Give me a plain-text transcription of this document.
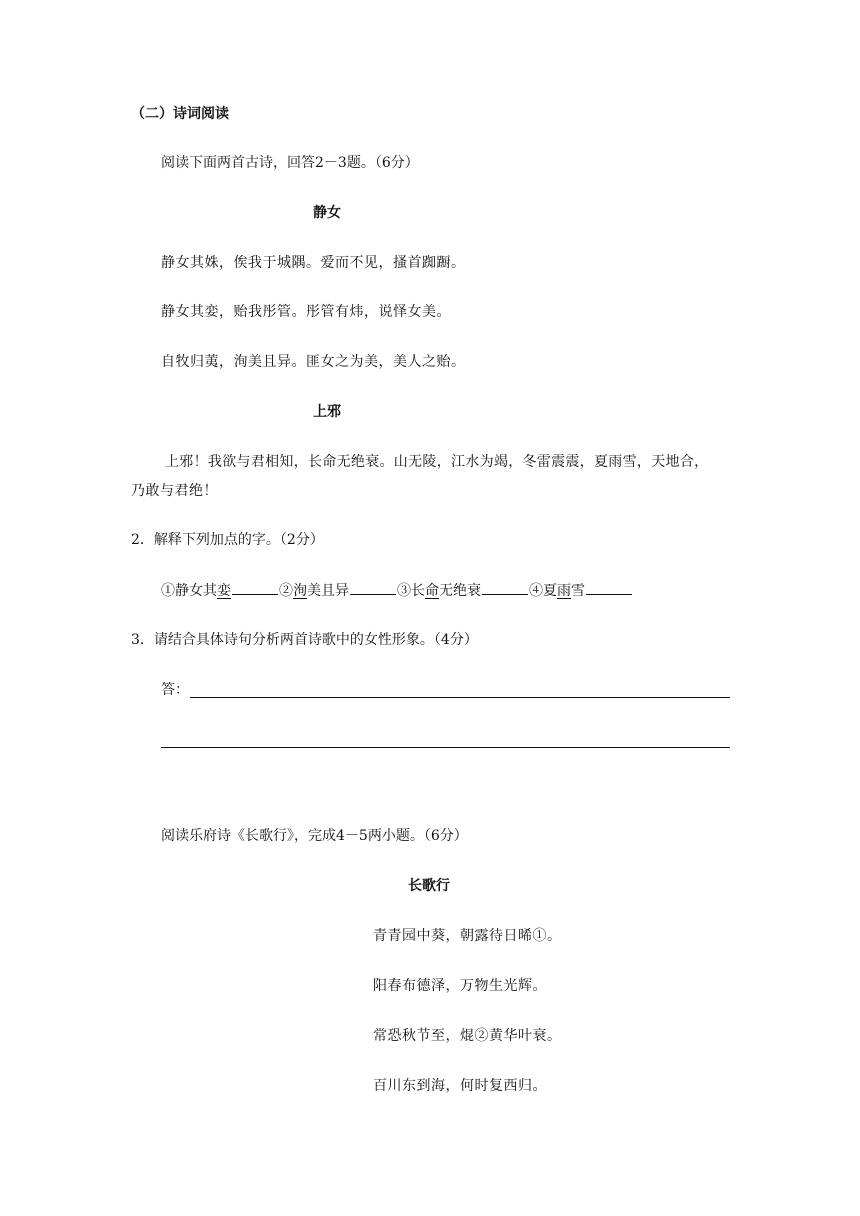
（二）诗词阅读
阅读下面两首古诗，回答2－3题。（6分）
静女
静女其姝，俟我于城隅。爱而不见，搔首踟蹰。
静女其娈，贻我彤管。彤管有炜，说怿女美。
自牧归荑，洵美且异。匪女之为美，美人之贻。
上邪
上邪！我欲与君相知，长命无绝衰。山无陵，江水为竭，冬雷震震，夏雨雪，天地合，
乃敢与君绝！
2．解释下列加点的字。（2分）
①静女其娈	②洵美且异	③长命无绝衰	④夏雨雪
3．请结合具体诗句分析两首诗歌中的女性形象。（4分）
答：
阅读乐府诗《长歌行》，完成4－5两小题。（6分）
长歌行
青青园中葵，朝露待日晞①。
阳春布德泽，万物生光辉。
常恐秋节至，焜②黄华叶衰。
百川东到海，何时复西归。
